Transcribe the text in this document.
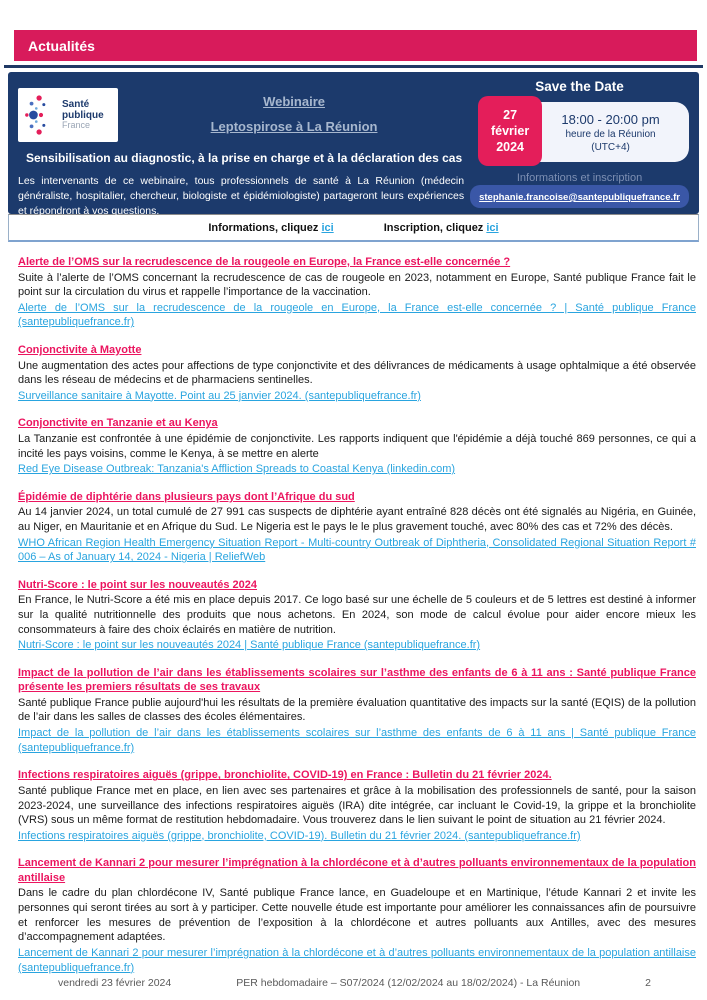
Actualités
Santé
publique
France
Webinaire
Leptospirose à La Réunion
Sensibilisation au diagnostic, à la prise en charge et à la déclaration des cas
Les intervenants de ce webinaire, tous professionnels de santé à La Réunion (médecin généraliste, hospitalier, chercheur, biologiste et épidémiologiste) partageront leurs expériences et répondront à vos questions.
Save the Date
18:00 - 20:00 pm
heure de la Réunion
(UTC+4)
27
février
2024
Informations et inscription
stephanie.francoise@santepubliquefrance.fr
Informations, cliquez ici	Inscription, cliquez ici
Alerte de l’OMS sur la recrudescence de la rougeole en Europe, la France est-elle concernée ?

Suite à l’alerte de l’OMS concernant la recrudescence de cas de rougeole en 2023, notamment en Europe, Santé publique France fait le point sur la circulation du virus et rappelle l’importance de la vaccination.

Alerte de l’OMS sur la recrudescence de la rougeole en Europe, la France est-elle concernée ? | Santé publique France (santepubliquefrance.fr)
Conjonctivite à Mayotte

Une augmentation des actes pour affections de type conjonctivite et des délivrances de médicaments à usage ophtalmique a été observée dans les réseau de médecins et de pharmaciens sentinelles.

Surveillance sanitaire à Mayotte. Point au 25 janvier 2024. (santepubliquefrance.fr)
Conjonctivite en Tanzanie et au Kenya

La Tanzanie est confrontée à une épidémie de conjonctivite. Les rapports indiquent que l'épidémie a déjà touché 869 personnes, ce qui a incité les pays voisins, comme le Kenya, à se mettre en alerte

Red Eye Disease Outbreak: Tanzania's Affliction Spreads to Coastal Kenya (linkedin.com)
Épidémie de diphtérie dans plusieurs pays dont l’Afrique du sud

Au 14 janvier 2024, un total cumulé de 27 991 cas suspects de diphtérie ayant entraîné 828 décès ont été signalés au Nigéria, en Guinée, au Niger, en Mauritanie et en Afrique du Sud. Le Nigeria est le pays le le plus gravement touché, avec 80% des cas et 72% des décès.

WHO African Region Health Emergency Situation Report - Multi-country Outbreak of Diphtheria, Consolidated Regional Situation Report # 006 – As of January 14, 2024 - Nigeria | ReliefWeb
Nutri-Score : le point sur les nouveautés 2024

En France, le Nutri-Score a été mis en place depuis 2017. Ce logo basé sur une échelle de 5 couleurs et de 5 lettres est destiné à informer sur la qualité nutritionnelle des produits que nous achetons. En 2024, son mode de calcul évolue pour aider encore mieux les consommateurs à faire des choix éclairés en matière de nutrition.

Nutri-Score : le point sur les nouveautés 2024 | Santé publique France (santepubliquefrance.fr)
Impact de la pollution de l’air dans les établissements scolaires sur l’asthme des enfants de 6 à 11 ans : Santé publique France présente les premiers résultats de ses travaux

Santé publique France publie aujourd'hui les résultats de la première évaluation quantitative des impacts sur la santé (EQIS) de la pollution de l’air dans les salles de classes des écoles élémentaires.

Impact de la pollution de l’air dans les établissements scolaires sur l’asthme des enfants de 6 à 11 ans | Santé publique France (santepubliquefrance.fr)
Infections respiratoires aiguës (grippe, bronchiolite, COVID-19) en France : Bulletin du 21 février 2024.

Santé publique France met en place, en lien avec ses partenaires et grâce à la mobilisation des professionnels de santé, pour la saison 2023-2024, une surveillance des infections respiratoires aiguës (IRA) dite intégrée, car incluant le Covid-19, la grippe et la bronchiolite (VRS) sous un même format de restitution hebdomadaire. Vous trouverez dans le lien suivant le point de situation au 21 février 2024.

Infections respiratoires aiguës (grippe, bronchiolite, COVID-19). Bulletin du 21 février 2024. (santepubliquefrance.fr)
Lancement de Kannari 2 pour mesurer l’imprégnation à la chlordécone et à d’autres polluants environnementaux de la population antillaise

Dans le cadre du plan chlordécone IV, Santé publique France lance, en Guadeloupe et en Martinique, l’étude Kannari 2 et invite les personnes qui seront tirées au sort à y participer. Cette nouvelle étude est importante pour améliorer les connaissances afin de poursuivre et renforcer les mesures de prévention de l’exposition à la chlordécone et autres polluants aux Antilles, avec des mesures d’accompagnement adaptées.

Lancement de Kannari 2 pour mesurer l’imprégnation à la chlordécone et à d’autres polluants environnementaux de la population antillaise (santepubliquefrance.fr)
vendredi 23 février 2024	PER hebdomadaire – S07/2024 (12/02/2024 au 18/02/2024) - La Réunion	2
